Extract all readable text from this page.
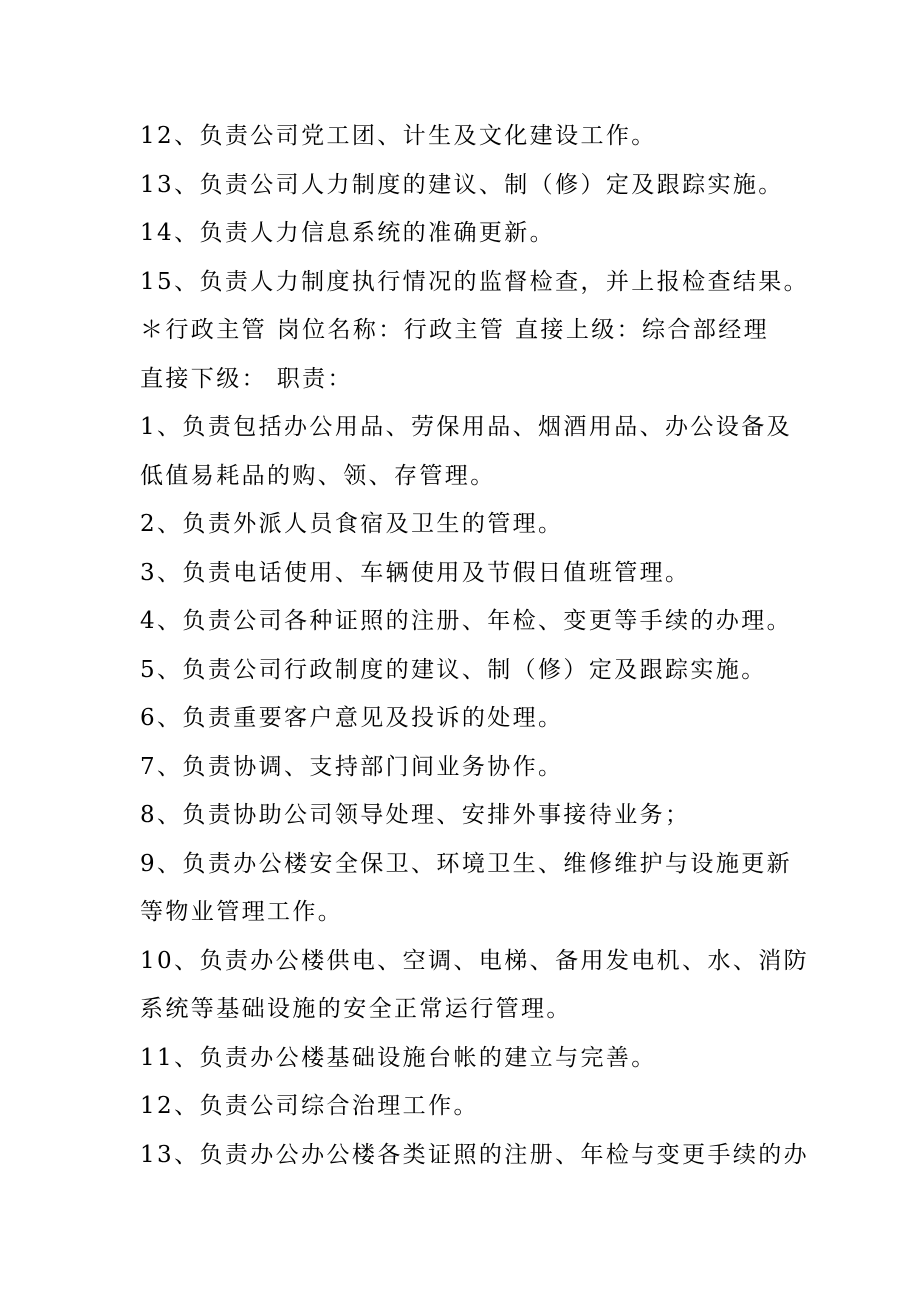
12、负责公司党工团、计生及文化建设工作。
13、负责公司人力制度的建议、制（修）定及跟踪实施。
14、负责人力信息系统的准确更新。
15、负责人力制度执行情况的监督检查，并上报检查结果。
＊行政主管 岗位名称：行政主管 直接上级：综合部经理
直接下级： 职责：
1、负责包括办公用品、劳保用品、烟酒用品、办公设备及
低值易耗品的购、领、存管理。
2、负责外派人员食宿及卫生的管理。
3、负责电话使用、车辆使用及节假日值班管理。
4、负责公司各种证照的注册、年检、变更等手续的办理。
5、负责公司行政制度的建议、制（修）定及跟踪实施。
6、负责重要客户意见及投诉的处理。
7、负责协调、支持部门间业务协作。
8、负责协助公司领导处理、安排外事接待业务；
9、负责办公楼安全保卫、环境卫生、维修维护与设施更新
等物业管理工作。
10、负责办公楼供电、空调、电梯、备用发电机、水、消防
系统等基础设施的安全正常运行管理。
11、负责办公楼基础设施台帐的建立与完善。
12、负责公司综合治理工作。
13、负责办公办公楼各类证照的注册、年检与变更手续的办
